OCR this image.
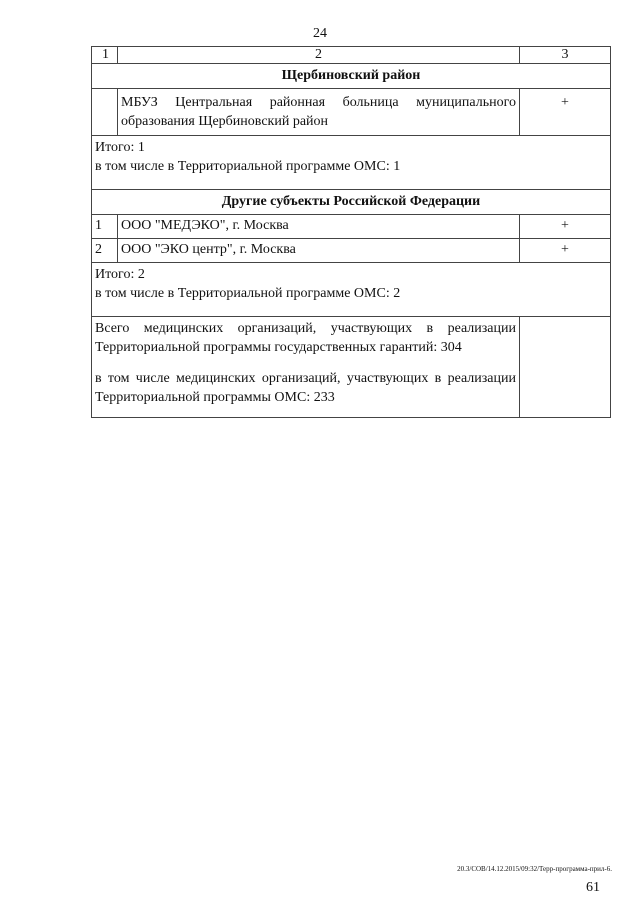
24
1	2	3
Щербиновский район		
	МБУЗ Центральная районная больница муниципального образования Щербиновский район	+

Итого: 1
в том числе в Территориальной программе ОМС: 1		

Другие субъекты Российской Федерации		
1	ООО "МЕДЭКО", г. Москва	+
2	ООО "ЭКО центр", г. Москва	+

Итого: 2
в том числе в Территориальной программе ОМС: 2		

Всего медицинских организаций, участвующих в реализации Территориальной программы государственных гарантий: 304
в том числе медицинских организаций, участвующих в реализации Территориальной программы ОМС: 233		

20.3/СОВ/14.12.2015/09:32/Терр-программа-прил-6.
61
